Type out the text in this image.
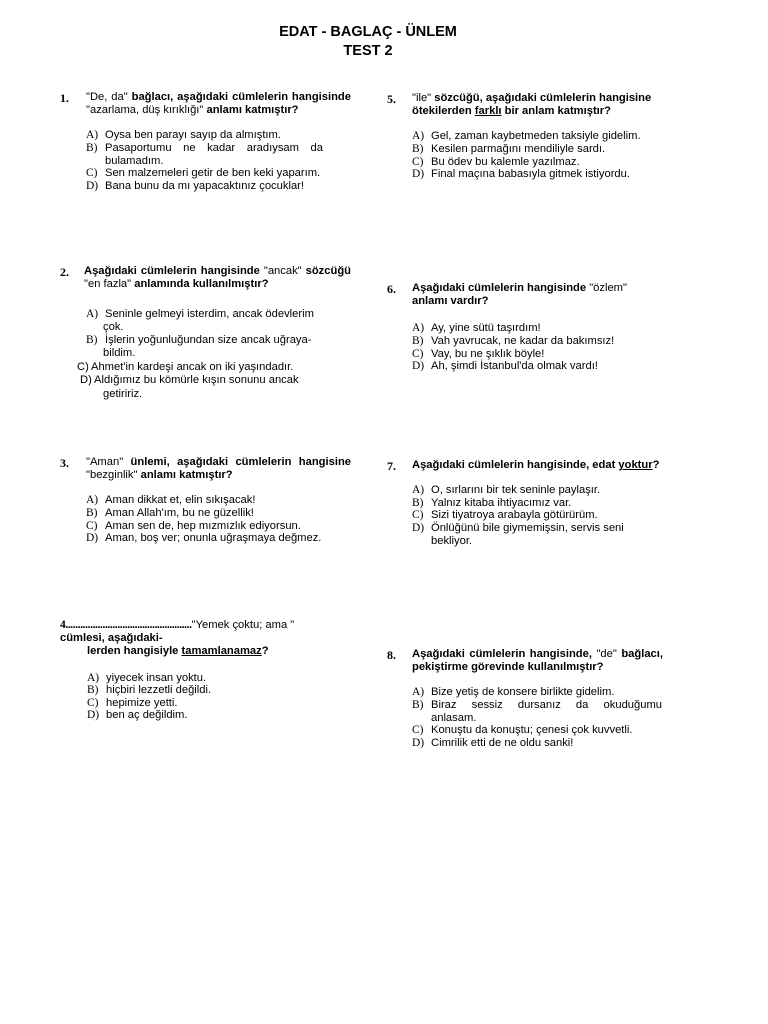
EDAT - BAGLAÇ - ÜNLEM
TEST 2
1. "De, da" bağlacı, aşağıdaki cümlelerin hangisinde "azarlama, düş kırıklığı" anlamı katmıştır?
A) Oysa ben parayı sayıp da almıştım.
B) Pasaportumu ne kadar aradıysam da bulamadım.
C) Sen malzemeleri getir de ben keki yaparım.
D) Bana bunu da mı yapacaktınız çocuklar!
2. Aşağıdaki cümlelerin hangisinde "ancak" sözcüğü "en fazla" anlamında kullanılmıştır?
A) Seninle gelmeyi isterdim, ancak ödevlerim
çok.
B) İşlerin yoğunluğundan size ancak uğraya-
bildim.
C) Ahmet'in kardeşi ancak on iki yaşındadır.
D) Aldığımız bu kömürle kışın sonunu ancak
getiririz.
3. "Aman" ünlemi, aşağıdaki cümlelerin hangisine "bezginlik" anlamı katmıştır?
A) Aman dikkat et, elin sıkışacak!
B) Aman Allah'ım, bu ne güzellik!
C) Aman sen de, hep mızmızlık ediyorsun.
D) Aman, boş ver; onunla uğraşmaya değmez.
4..................................................."Yemek çoktu; ama "
cümlesi, aşağıdaki-
lerden hangisiyle tamamlanamaz?
A) yiyecek insan yoktu.
B) hiçbiri lezzetli değildi.
C) hepimize yetti.
D) ben aç değildim.
5. "ile" sözcüğü, aşağıdaki cümlelerin hangisine ötekilerden farklı bir anlam katmıştır?
A) Gel, zaman kaybetmeden taksiyle gidelim.
B) Kesilen parmağını mendiliyle sardı.
C) Bu ödev bu kalemle yazılmaz.
D) Final maçına babasıyla gitmek istiyordu.
6. Aşağıdaki cümlelerin hangisinde "özlem"
anlamı vardır?
A) Ay, yine sütü taşırdım!
B) Vah yavrucak, ne kadar da bakımsız!
C) Vay, bu ne şıklık böyle!
D) Ah, şimdi İstanbul'da olmak vardı!
7. Aşağıdaki cümlelerin hangisinde, edat yoktur?
A) O, sırlarını bir tek seninle paylaşır.
B) Yalnız kitaba ihtiyacımız var.
C) Sizi tiyatroya arabayla götürürüm.
D) Önlüğünü bile giymemişsin, servis seni bekliyor.
8. Aşağıdaki cümlelerin hangisinde, "de" bağlacı, pekiştirme görevinde kullanılmıştır?
A) Bize yetiş de konsere birlikte gidelim.
B) Biraz sessiz dursanız da okuduğumu anlasam.
C) Konuştu da konuştu; çenesi çok kuvvetli.
D) Cimrilik etti de ne oldu sanki!
